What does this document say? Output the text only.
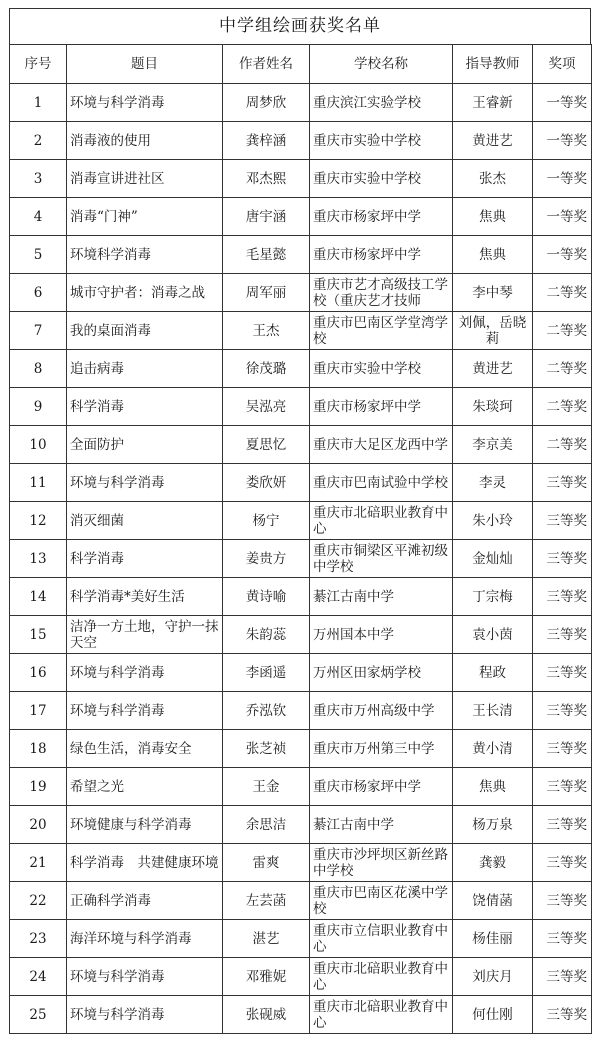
中学组绘画获奖名单
序号	题目	作者姓名	学校名称	指导教师	奖项

1	环境与科学消毒	周梦欣	重庆滨江实验学校	王睿新	一等奖

2	消毒液的使用	龚梓涵	重庆市实验中学校	黄进艺	一等奖

3	消毒宣讲进社区	邓杰熙	重庆市实验中学校	张杰	一等奖

4	消毒“门神”	唐宇涵	重庆市杨家坪中学	焦典	一等奖

5	环境科学消毒	毛星懿	重庆市杨家坪中学	焦典	一等奖

6	城市守护者：消毒之战	周军丽	重庆市艺才高级技工学校（重庆艺才技师	李中琴	二等奖

7	我的桌面消毒	王杰	重庆市巴南区学堂湾学校	刘佩，岳晓莉	二等奖

8	追击病毒	徐茂璐	重庆市实验中学校	黄进艺	二等奖

9	科学消毒	吴泓亮	重庆市杨家坪中学	朱琰珂	二等奖

10	全面防护	夏思忆	重庆市大足区龙西中学	李京美	二等奖

11	环境与科学消毒	娄欣妍	重庆市巴南试验中学校	李灵	三等奖

12	消灭细菌	杨宁	重庆市北碚职业教育中心	朱小玲	三等奖

13	科学消毒	姜贵方	重庆市铜梁区平滩初级中学校	金灿灿	三等奖

14	科学消毒*美好生活	黄诗喻	綦江古南中学	丁宗梅	三等奖

15	洁净一方土地，守护一抹天空	朱韵蕊	万州国本中学	袁小茵	三等奖

16	环境与科学消毒	李函遥	万州区田家炳学校	程政	三等奖

17	环境与科学消毒	乔泓钦	重庆市万州高级中学	王长清	三等奖

18	绿色生活，消毒安全	张芝祯	重庆市万州第三中学	黄小清	三等奖

19	希望之光	王金	重庆市杨家坪中学	焦典	三等奖

20	环境健康与科学消毒	余思洁	綦江古南中学	杨万泉	三等奖

21	科学消毒　共建健康环境	雷爽	重庆市沙坪坝区新丝路中学校	龚毅	三等奖

22	正确科学消毒	左芸菡	重庆市巴南区花溪中学校	饶倩菡	三等奖

23	海洋环境与科学消毒	湛艺	重庆市立信职业教育中心	杨佳丽	三等奖

24	环境与科学消毒	邓雅妮	重庆市北碚职业教育中心	刘庆月	三等奖

25	环境与科学消毒	张砚威	重庆市北碚职业教育中心	何仕刚	三等奖
